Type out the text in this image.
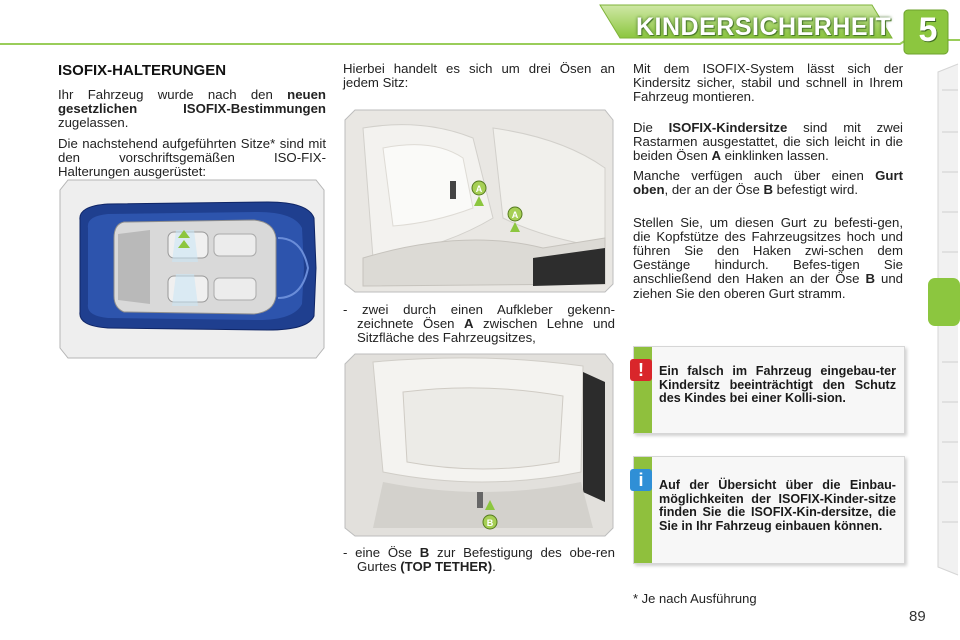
KINDERSICHERHEIT 5
ISOFIX-HALTERUNGEN

Ihr Fahrzeug wurde nach den neuen gesetzlichen ISOFIX-Bestimmungen zugelassen.

Die nachstehend aufgeführten Sitze* sind mit den vorschriftsgemäßen ISO-FIX-Halterungen ausgerüstet:

Hierbei handelt es sich um drei Ösen an jedem Sitz:

A
A

- zwei durch einen Aufkleber gekenn-zeichnete Ösen A zwischen Lehne und Sitzfläche des Fahrzeugsitzes,

B

- eine Öse B zur Befestigung des obe-ren Gurtes (TOP TETHER).

Mit dem ISOFIX-System lässt sich der Kindersitz sicher, stabil und schnell in Ihrem Fahrzeug montieren.

Die ISOFIX-Kindersitze sind mit zwei Rastarmen ausgestattet, die sich leicht in die beiden Ösen A einklinken lassen.

Manche verfügen auch über einen Gurt oben, der an der Öse B befestigt wird.

Stellen Sie, um diesen Gurt zu befesti-gen, die Kopfstütze des Fahrzeugsitzes hoch und führen Sie den Haken zwi-schen dem Gestänge hindurch. Befes-tigen Sie anschließend den Haken an der Öse B und ziehen Sie den oberen Gurt stramm.

!	Ein falsch im Fahrzeug eingebau-ter Kindersitz beeinträchtigt den Schutz des Kindes bei einer Kolli-sion.
i	Auf der Übersicht über die Einbau-möglichkeiten der ISOFIX-Kinder-sitze finden Sie die ISOFIX-Kin-dersitze, die Sie in Ihr Fahrzeug einbauen können.
* Je nach Ausführung
89
